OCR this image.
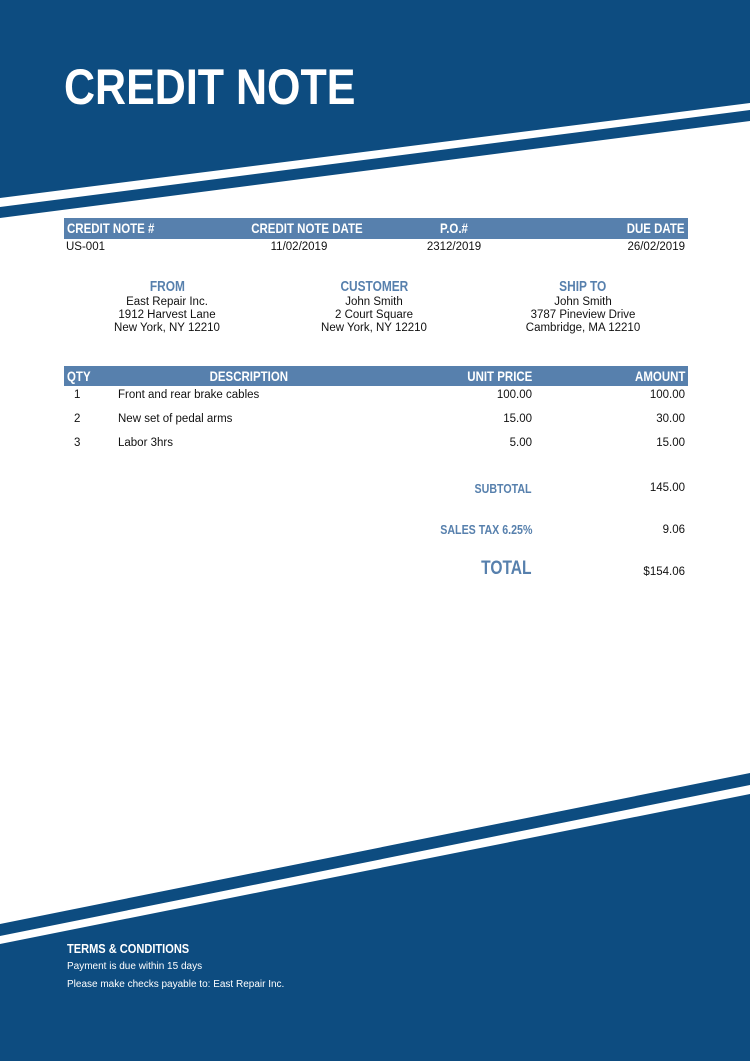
CREDIT NOTE
CREDIT NOTE #	CREDIT NOTE DATE	P.O.#	DUE DATE
US-001	11/02/2019	2312/2019	26/02/2019
FROM
East Repair Inc.
1912 Harvest Lane
New York, NY 12210
CUSTOMER
John Smith
2 Court Square
New York, NY 12210
SHIP TO
John Smith
3787 Pineview Drive
Cambridge, MA 12210
QTY	DESCRIPTION	UNIT PRICE	AMOUNT
1	Front and rear brake cables	100.00	100.00
2	New set of pedal arms	15.00	30.00
3	Labor 3hrs	5.00	15.00
SUBTOTAL	145.00
SALES TAX 6.25%	9.06
TOTAL	$154.06
TERMS & CONDITIONS
Payment is due within 15 days
Please make checks payable to: East Repair Inc.
